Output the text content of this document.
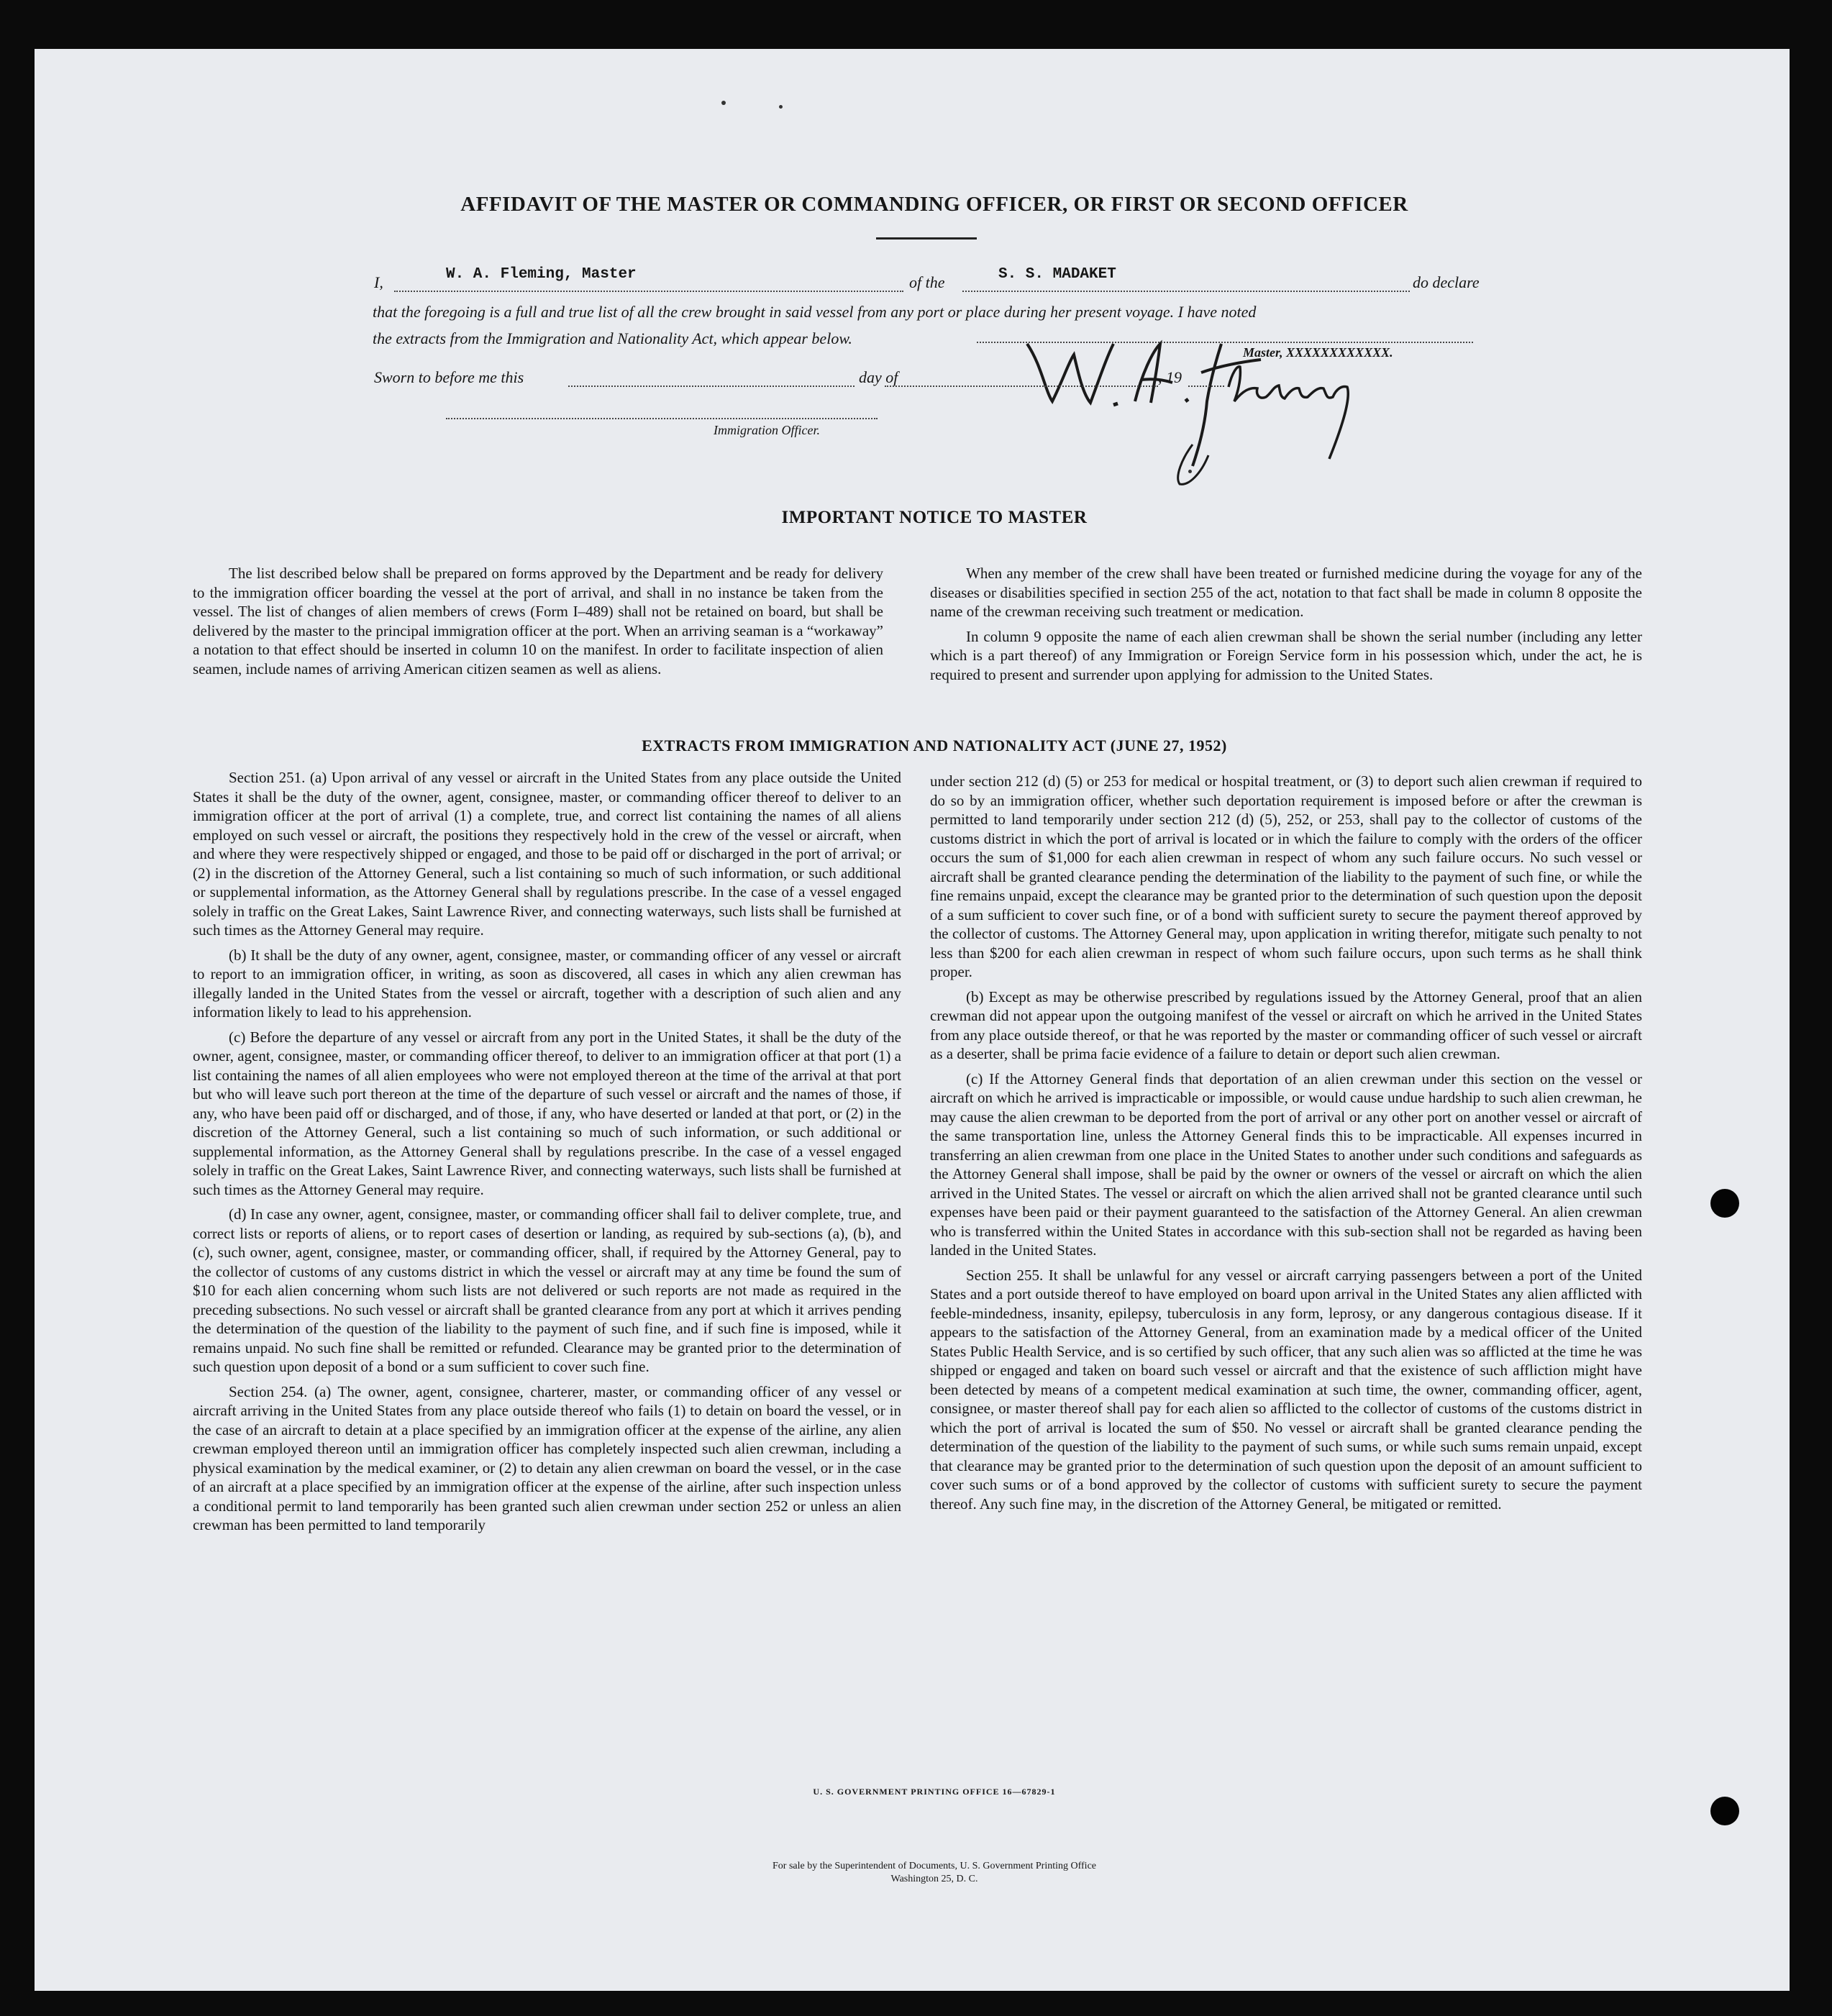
AFFIDAVIT OF THE MASTER OR COMMANDING OFFICER, OR FIRST OR SECOND OFFICER
I,	W. A. Fleming, Master	of the	S. S. MADAKET	do declare
that the foregoing is a full and true list of all the crew brought in said vessel from any port or place during her present voyage. I have noted
the extracts from the Immigration and Nationality Act, which appear below.
Master, XXXXXXXXXXXX.
Sworn to before me this	day of	, 19
Immigration Officer.
IMPORTANT NOTICE TO MASTER

The list described below shall be prepared on forms approved by the Department and be ready for delivery to the immigration officer boarding the vessel at the port of arrival, and shall in no instance be taken from the vessel. The list of changes of alien members of crews (Form I–489) shall not be retained on board, but shall be delivered by the master to the principal immigration officer at the port. When an arriving seaman is a “workaway” a notation to that effect should be inserted in column 10 on the manifest. In order to facilitate inspection of alien seamen, include names of arriving American citizen seamen as well as aliens.

When any member of the crew shall have been treated or furnished medicine during the voyage for any of the diseases or disabilities specified in section 255 of the act, notation to that fact shall be made in column 8 opposite the name of the crewman receiving such treatment or medication.

In column 9 opposite the name of each alien crewman shall be shown the serial number (including any letter which is a part thereof) of any Immigration or Foreign Service form in his possession which, under the act, he is required to present and surrender upon applying for admission to the United States.

EXTRACTS FROM IMMIGRATION AND NATIONALITY ACT (JUNE 27, 1952)

Section 251. (a) Upon arrival of any vessel or aircraft in the United States from any place outside the United States it shall be the duty of the owner, agent, consignee, master, or commanding officer thereof to deliver to an immigration officer at the port of arrival (1) a complete, true, and correct list containing the names of all aliens employed on such vessel or aircraft, the positions they respectively hold in the crew of the vessel or aircraft, when and where they were respectively shipped or engaged, and those to be paid off or discharged in the port of arrival; or (2) in the discretion of the Attorney General, such a list containing so much of such information, or such additional or supplemental information, as the Attorney General shall by regulations prescribe. In the case of a vessel engaged solely in traffic on the Great Lakes, Saint Lawrence River, and connecting waterways, such lists shall be furnished at such times as the Attorney General may require.

(b) It shall be the duty of any owner, agent, consignee, master, or commanding officer of any vessel or aircraft to report to an immigration officer, in writing, as soon as discovered, all cases in which any alien crewman has illegally landed in the United States from the vessel or aircraft, together with a description of such alien and any information likely to lead to his apprehension.

(c) Before the departure of any vessel or aircraft from any port in the United States, it shall be the duty of the owner, agent, consignee, master, or commanding officer thereof, to deliver to an immigration officer at that port (1) a list containing the names of all alien employees who were not employed thereon at the time of the arrival at that port but who will leave such port thereon at the time of the departure of such vessel or aircraft and the names of those, if any, who have been paid off or discharged, and of those, if any, who have deserted or landed at that port, or (2) in the discretion of the Attorney General, such a list containing so much of such information, or such additional or supplemental information, as the Attorney General shall by regulations prescribe. In the case of a vessel engaged solely in traffic on the Great Lakes, Saint Lawrence River, and connecting waterways, such lists shall be furnished at such times as the Attorney General may require.

(d) In case any owner, agent, consignee, master, or commanding officer shall fail to deliver complete, true, and correct lists or reports of aliens, or to report cases of desertion or landing, as required by sub-sections (a), (b), and (c), such owner, agent, consignee, master, or commanding officer, shall, if required by the Attorney General, pay to the collector of customs of any customs district in which the vessel or aircraft may at any time be found the sum of $10 for each alien concerning whom such lists are not delivered or such reports are not made as required in the preceding subsections. No such vessel or aircraft shall be granted clearance from any port at which it arrives pending the determination of the question of the liability to the payment of such fine, and if such fine is imposed, while it remains unpaid. No such fine shall be remitted or refunded. Clearance may be granted prior to the determination of such question upon deposit of a bond or a sum sufficient to cover such fine.

Section 254. (a) The owner, agent, consignee, charterer, master, or commanding officer of any vessel or aircraft arriving in the United States from any place outside thereof who fails (1) to detain on board the vessel, or in the case of an aircraft to detain at a place specified by an immigration officer at the expense of the airline, any alien crewman employed thereon until an immigration officer has completely inspected such alien crewman, including a physical examination by the medical examiner, or (2) to detain any alien crewman on board the vessel, or in the case of an aircraft at a place specified by an immigration officer at the expense of the airline, after such inspection unless a conditional permit to land temporarily has been granted such alien crewman under section 252 or unless an alien crewman has been permitted to land temporarily

under section 212 (d) (5) or 253 for medical or hospital treatment, or (3) to deport such alien crewman if required to do so by an immigration officer, whether such deportation requirement is imposed before or after the crewman is permitted to land temporarily under section 212 (d) (5), 252, or 253, shall pay to the collector of customs of the customs district in which the port of arrival is located or in which the failure to comply with the orders of the officer occurs the sum of $1,000 for each alien crewman in respect of whom any such failure occurs. No such vessel or aircraft shall be granted clearance pending the determination of the liability to the payment of such fine, or while the fine remains unpaid, except the clearance may be granted prior to the determination of such question upon the deposit of a sum sufficient to cover such fine, or of a bond with sufficient surety to secure the payment thereof approved by the collector of customs. The Attorney General may, upon application in writing therefor, mitigate such penalty to not less than $200 for each alien crewman in respect of whom such failure occurs, upon such terms as he shall think proper.

(b) Except as may be otherwise prescribed by regulations issued by the Attorney General, proof that an alien crewman did not appear upon the outgoing manifest of the vessel or aircraft on which he arrived in the United States from any place outside thereof, or that he was reported by the master or commanding officer of such vessel or aircraft as a deserter, shall be prima facie evidence of a failure to detain or deport such alien crewman.

(c) If the Attorney General finds that deportation of an alien crewman under this section on the vessel or aircraft on which he arrived is impracticable or impossible, or would cause undue hardship to such alien crewman, he may cause the alien crewman to be deported from the port of arrival or any other port on another vessel or aircraft of the same transportation line, unless the Attorney General finds this to be impracticable. All expenses incurred in transferring an alien crewman from one place in the United States to another under such conditions and safeguards as the Attorney General shall impose, shall be paid by the owner or owners of the vessel or aircraft on which the alien arrived in the United States. The vessel or aircraft on which the alien arrived shall not be granted clearance until such expenses have been paid or their payment guaranteed to the satisfaction of the Attorney General. An alien crewman who is transferred within the United States in accordance with this sub-section shall not be regarded as having been landed in the United States.

Section 255. It shall be unlawful for any vessel or aircraft carrying passengers between a port of the United States and a port outside thereof to have employed on board upon arrival in the United States any alien afflicted with feeble-mindedness, insanity, epilepsy, tuberculosis in any form, leprosy, or any dangerous contagious disease. If it appears to the satisfaction of the Attorney General, from an examination made by a medical officer of the United States Public Health Service, and is so certified by such officer, that any such alien was so afflicted at the time he was shipped or engaged and taken on board such vessel or aircraft and that the existence of such affliction might have been detected by means of a competent medical examination at such time, the owner, commanding officer, agent, consignee, or master thereof shall pay for each alien so afflicted to the collector of customs of the customs district in which the port of arrival is located the sum of $50. No vessel or aircraft shall be granted clearance pending the determination of the question of the liability to the payment of such sums, or while such sums remain unpaid, except that clearance may be granted prior to the determination of such question upon the deposit of an amount sufficient to cover such sums or of a bond approved by the collector of customs with sufficient surety to secure the payment thereof. Any such fine may, in the discretion of the Attorney General, be mitigated or remitted.

U. S. GOVERNMENT PRINTING OFFICE 16—67829-1
For sale by the Superintendent of Documents, U. S. Government Printing Office
Washington 25, D. C.
